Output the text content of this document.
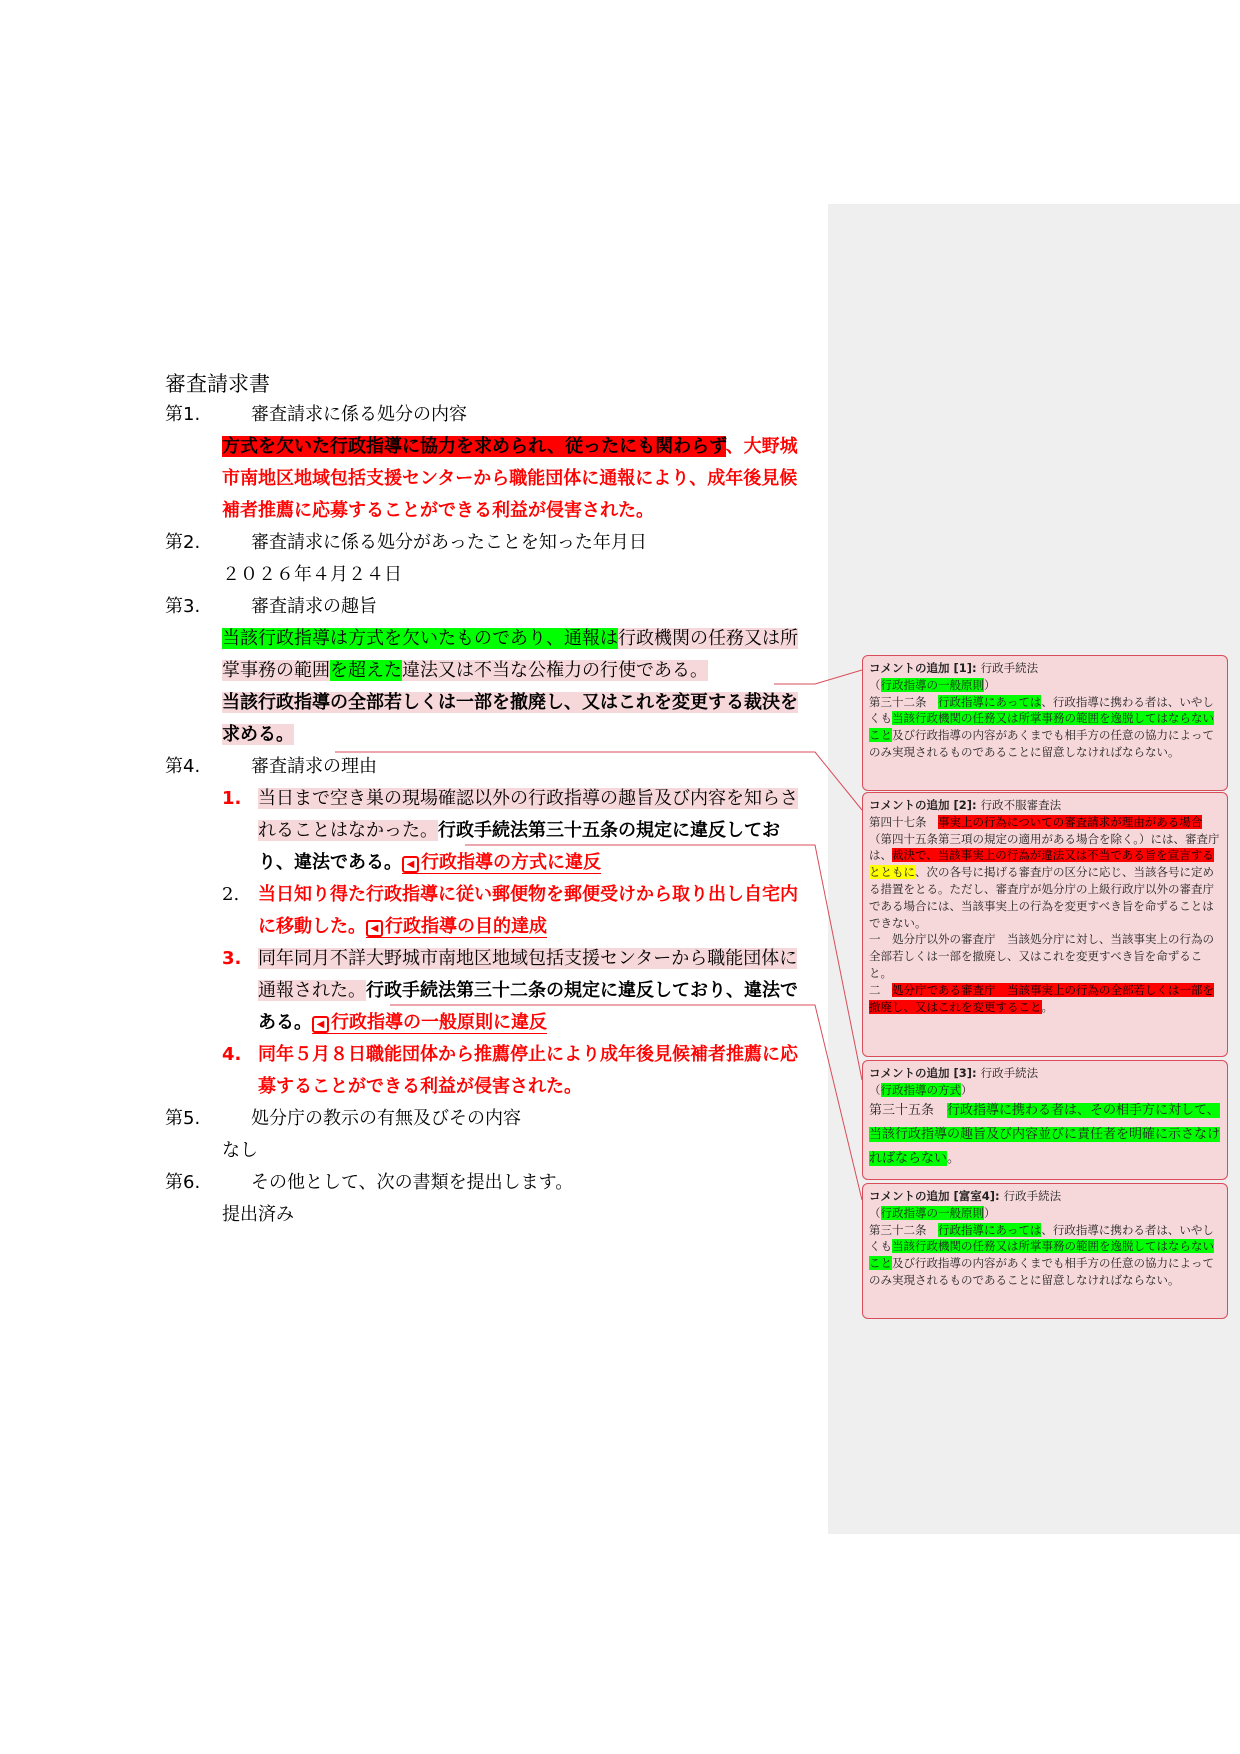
審査請求書
第1.	審査請求に係る処分の内容
方式を欠いた行政指導に協力を求められ、従ったにも関わらず、大野城市南地区地域包括支援センターから職能団体に通報により、成年後見候補者推薦に応募することができる利益が侵害された。
第2.	審査請求に係る処分があったことを知った年月日
２０２６年４月２４日
第3.	審査請求の趣旨
当該行政指導は方式を欠いたものであり、通報は行政機関の任務又は所掌事務の範囲を超えた違法又は不当な公権力の行使である。
当該行政指導の全部若しくは一部を撤廃し、又はこれを変更する裁決を求める。
第4.	審査請求の理由
1. 当日まで空き巣の現場確認以外の行政指導の趣旨及び内容を知らされることはなかった。行政手続法第三十五条の規定に違反しており、違法である。 ◀ 行政指導の方式に違反
2.	当日知り得た行政指導に従い郵便物を郵便受けから取り出し自宅内に移動した。 ◀ 行政指導の目的達成
3. 同年同月不詳大野城市南地区地域包括支援センターから職能団体に通報された。行政手続法第三十二条の規定に違反しており、違法である。 ◀ 行政指導の一般原則に違反
4. 同年５月８日職能団体から推薦停止により成年後見候補者推薦に応募することができる利益が侵害された。
第5.	処分庁の教示の有無及びその内容
なし
第6.	その他として、次の書類を提出します。
提出済み
コメントの追加 [1]: 行政手続法
（行政指導の一般原則）
第三十二条　行政指導にあっては、行政指導に携わる者は、いやしくも当該行政機関の任務又は所掌事務の範囲を逸脱してはならないこと及び行政指導の内容があくまでも相手方の任意の協力によってのみ実現されるものであることに留意しなければならない。
コメントの追加 [2]: 行政不服審査法
第四十七条　事実上の行為についての審査請求が理由がある場合（第四十五条第三項の規定の適用がある場合を除く。）には、審査庁は、裁決で、当該事実上の行為が違法又は不当である旨を宣言するとともに、次の各号に掲げる審査庁の区分に応じ、当該各号に定める措置をとる。ただし、審査庁が処分庁の上級行政庁以外の審査庁である場合には、当該事実上の行為を変更すべき旨を命ずることはできない。
一　処分庁以外の審査庁　当該処分庁に対し、当該事実上の行為の全部若しくは一部を撤廃し、又はこれを変更すべき旨を命ずること。
二　処分庁である審査庁　当該事実上の行為の全部若しくは一部を撤廃し、又はこれを変更すること。
コメントの追加 [3]: 行政手続法
（行政指導の方式）
第三十五条　行政指導に携わる者は、その相手方に対して、当該行政指導の趣旨及び内容並びに責任者を明確に示さなければならない。
コメントの追加 [富室4]: 行政手続法
（行政指導の一般原則）
第三十二条　行政指導にあっては、行政指導に携わる者は、いやしくも当該行政機関の任務又は所掌事務の範囲を逸脱してはならないこと及び行政指導の内容があくまでも相手方の任意の協力によってのみ実現されるものであることに留意しなければならない。
